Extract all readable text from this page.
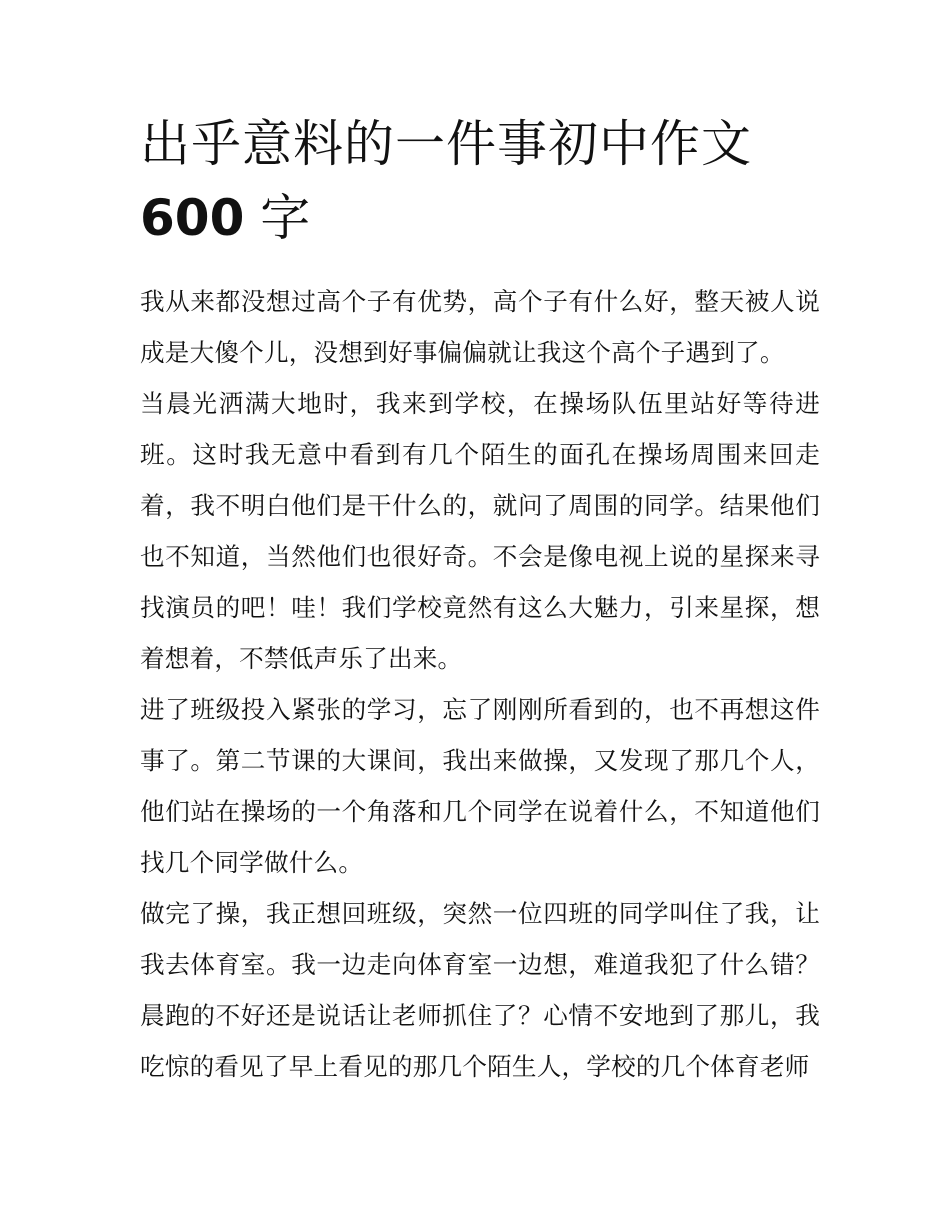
出乎意料的一件事初中作文
600 字

我从来都没想过高个子有优势，高个子有什么好，整天被人说成是大傻个儿，没想到好事偏偏就让我这个高个子遇到了。

当晨光洒满大地时，我来到学校，在操场队伍里站好等待进班。这时我无意中看到有几个陌生的面孔在操场周围来回走着，我不明白他们是干什么的，就问了周围的同学。结果他们也不知道，当然他们也很好奇。不会是像电视上说的星探来寻找演员的吧！哇！我们学校竟然有这么大魅力，引来星探，想着想着，不禁低声乐了出来。

进了班级投入紧张的学习，忘了刚刚所看到的，也不再想这件事了。第二节课的大课间，我出来做操，又发现了那几个人，他们站在操场的一个角落和几个同学在说着什么，不知道他们找几个同学做什么。

做完了操，我正想回班级，突然一位四班的同学叫住了我，让我去体育室。我一边走向体育室一边想，难道我犯了什么错？晨跑的不好还是说话让老师抓住了？心情不安地到了那儿，我吃惊的看见了早上看见的那几个陌生人，学校的几个体育老师
